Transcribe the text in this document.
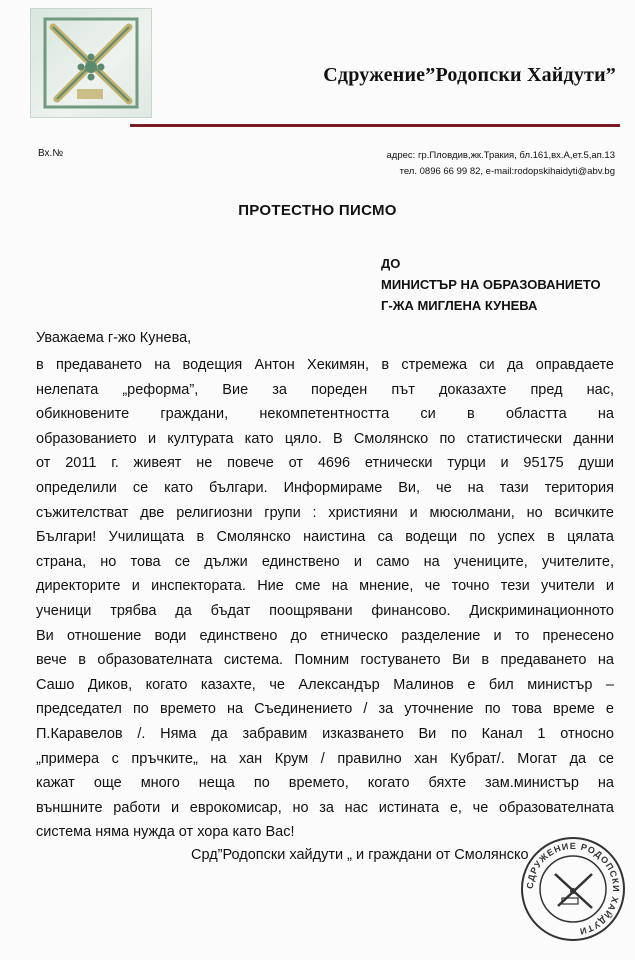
Сдружение”Родопски Хайдути”
Вх.№	адрес: гр.Пловдив,жк.Тракия, бл.161,вх.А,ет.5,ап.13
тел. 0896 66 99 82, e-mail:rodopskihaidyti@abv.bg
ПРОТЕСТНО ПИСМО
ДО
МИНИСТЪР НА ОБРАЗОВАНИЕТО
Г-ЖА МИГЛЕНА КУНЕВА
Уважаема г-жо Кунева,
в предаването на водещия Антон Хекимян, в стремежа си да оправдаете
нелепата „реформа”, Вие за пореден път доказахте пред нас,
обикновените граждани, некомпетентността си в областта на
образованието и културата като цяло. В Смолянско по статистически данни
от 2011 г. живеят не повече от 4696 етнически турци и 95175 души
определили се като българи. Информираме Ви, че на тази територия
съжителстват две религиозни групи : християни и мюсюлмани, но всичките
Българи! Училищата в Смолянско наистина са водещи по успех в цялата
страна, но това се дължи единствено и само на учениците, учителите,
директорите и инспектората. Ние сме на мнение, че точно тези учители и
ученици трябва да бъдат поощрявани финансово. Дискриминационното
Ви отношение води единствено до етническо разделение и то пренесено
вече в образователната система. Помним гостуването Ви в предаването на
Сашо Диков, когато казахте, че Александър Малинов е бил министър –
председател по времето на Съединението / за уточнение по това време е
П.Каравелов /. Няма да забравим изказването Ви по Канал 1 относно
„примера с пръчките„ на хан Крум / правилно хан Кубрат/. Могат да се
кажат още много неща по времето, когато бяхте зам.министър на
външните работи и еврокомисар, но за нас истината е, че образователната
система няма нужда от хора като Вас!
Срд”Родопски хайдути „ и граждани от Смолянско
СДРУЖЕНИЕ РОДОПСКИ ХАЙДУТИ
